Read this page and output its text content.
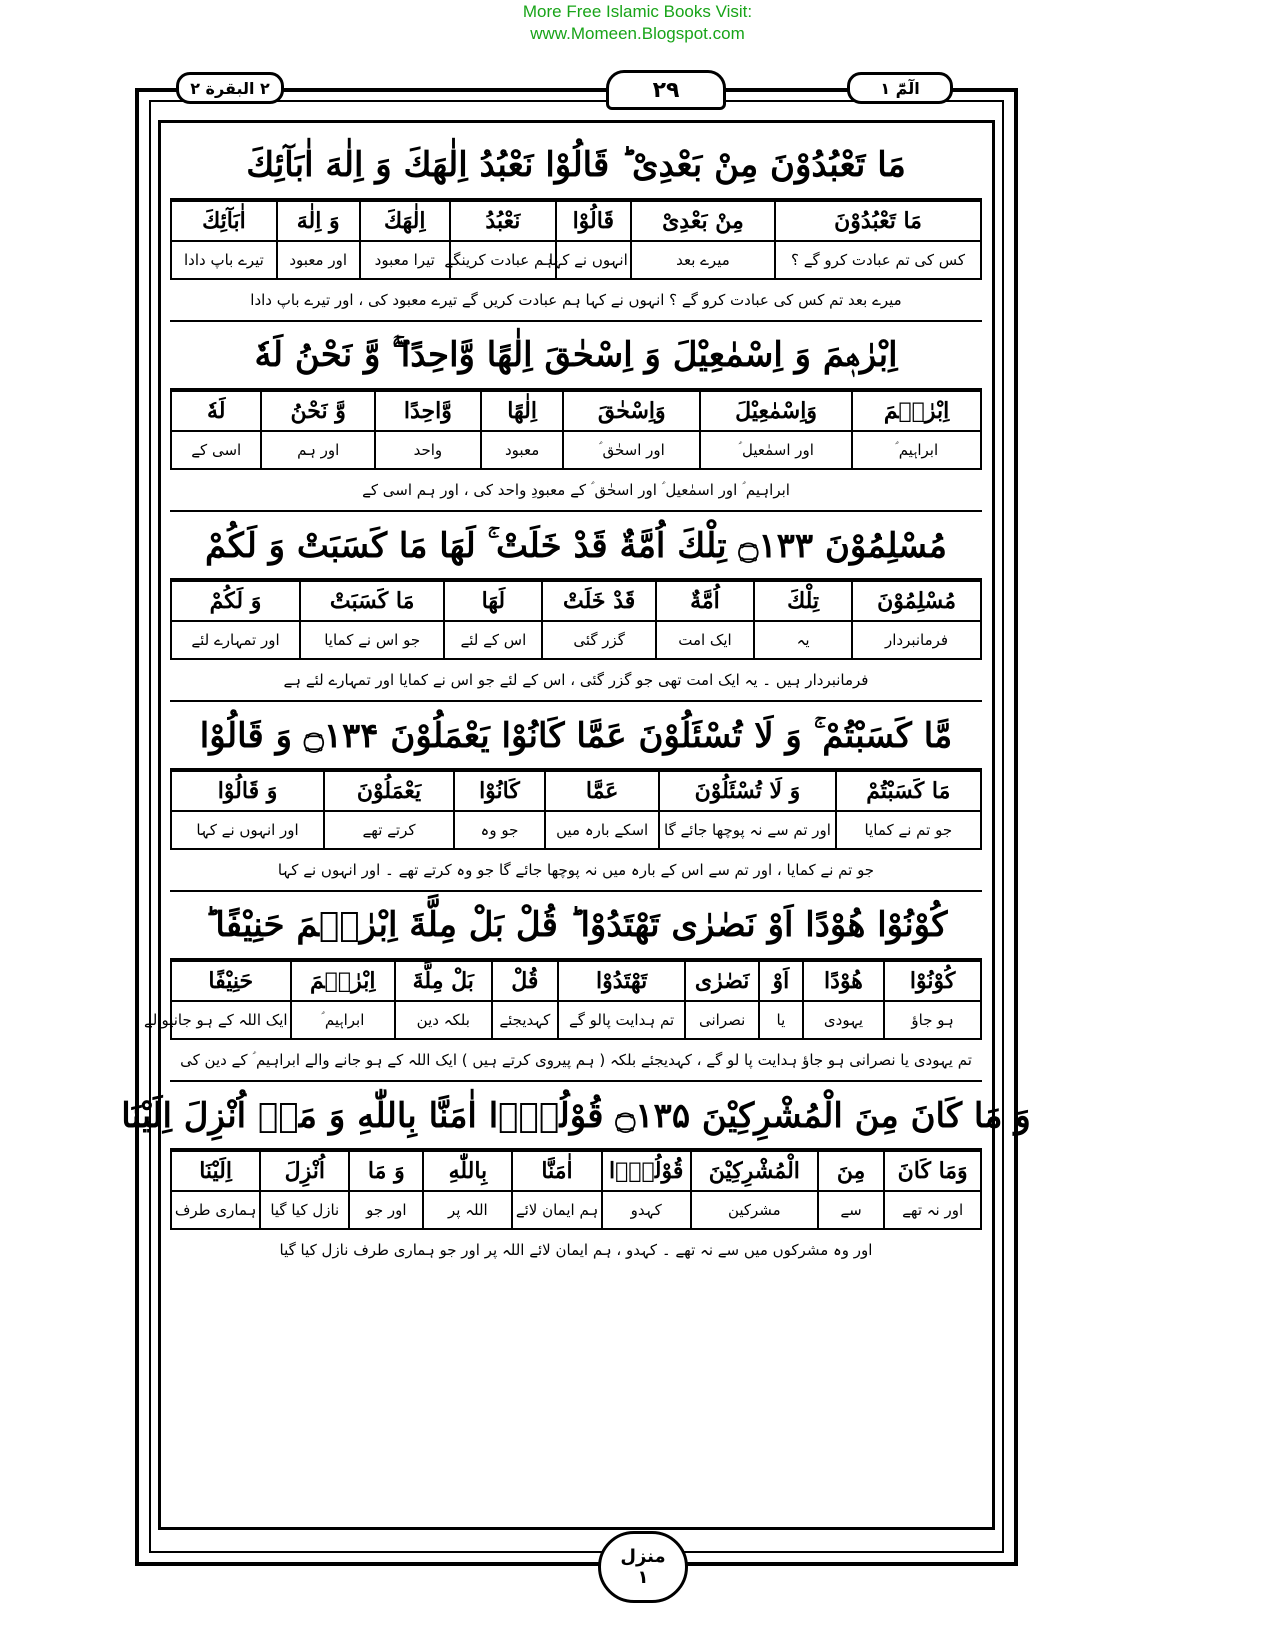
More Free Islamic Books Visit:
www.Momeen.Blogspot.com
۲ البقرة ۲	۲۹	الٓمّٓ ۱
مَا تَعْبُدُوْنَ مِنْ بَعْدِیْ ؕ قَالُوْا نَعْبُدُ اِلٰهَكَ وَ اِلٰهَ اٰبَآئِكَ
مَا تَعْبُدُوْنَ	مِنْ بَعْدِیْ	قَالُوْا	نَعْبُدُ	اِلٰهَكَ	وَ اِلٰهَ	اٰبَآئِكَ
کس کی تم عبادت کرو گے ؟	میرے بعد	انہوں نے کہا	ہم عبادت کرینگے	تیرا معبود	اور معبود	تیرے باپ دادا
میرے بعد تم کس کی عبادت کرو گے ؟ انہوں نے کہا ہم عبادت کریں گے تیرے معبود کی ، اور تیرے باپ دادا
اِبْرٰهٖمَ وَ اِسْمٰعِیْلَ وَ اِسْحٰقَ اِلٰهًا وَّاحِدًا ۖۚ وَّ نَحْنُ لَهٗ
اِبْرٰهٖمَ	وَاِسْمٰعِیْلَ	وَاِسْحٰقَ	اِلٰهًا	وَّاحِدًا	وَّ نَحْنُ	لَهٗ
ابراہیم ؑ	اور اسمٰعیل ؑ	اور اسحٰق ؑ	معبود	واحد	اور ہم	اسی کے
ابراہیم ؑ اور اسمٰعیل ؑ اور اسحٰق ؑ کے معبودِ واحد کی ، اور ہم اسی کے
مُسْلِمُوْنَ ۝۱۳۳ تِلْكَ اُمَّةٌ قَدْ خَلَتْ ۚ لَهَا مَا كَسَبَتْ وَ لَكُمْ
مُسْلِمُوْنَ	تِلْكَ	اُمَّةٌ	قَدْ خَلَتْ	لَهَا	مَا كَسَبَتْ	وَ لَكُمْ
فرمانبردار	یہ	ایک امت	گزر گئی	اس کے لئے	جو اس نے کمایا	اور تمہارے لئے
فرمانبردار ہیں ۔ یہ ایک امت تھی جو گزر گئی ، اس کے لئے جو اس نے کمایا اور تمہارے لئے ہے
مَّا كَسَبْتُمْ ۚ وَ لَا تُسْئَلُوْنَ عَمَّا كَانُوْا یَعْمَلُوْنَ ۝۱۳۴ وَ قَالُوْا
مَا كَسَبْتُمْ	وَ لَا تُسْئَلُوْنَ	عَمَّا	كَانُوْا	یَعْمَلُوْنَ	وَ قَالُوْا
جو تم نے کمایا	اور تم سے نہ پوچھا جائے گا	اسکے بارہ میں	جو وہ	کرتے تھے	اور انہوں نے کہا
جو تم نے کمایا ، اور تم سے اس کے بارہ میں نہ پوچھا جائے گا جو وہ کرتے تھے ۔ اور انہوں نے کہا
كُوْنُوْا هُوْدًا اَوْ نَصٰرٰى تَهْتَدُوْا ؕ قُلْ بَلْ مِلَّةَ اِبْرٰهٖمَ حَنِیْفًا ؕ
كُوْنُوْا	هُوْدًا	اَوْ	نَصٰرٰى	تَهْتَدُوْا	قُلْ	بَلْ مِلَّةَ	اِبْرٰهٖمَ	حَنِیْفًا
ہو جاؤ	یہودی	یا	نصرانی	تم ہدایت پالو گے	کہدیجئے	بلکہ دین	ابراہیم ؑ	ایک اللہ کے ہو جانیوالے
تم یہودی یا نصرانی ہو جاؤ ہدایت پا لو گے ، کہدیجئے بلکہ ( ہم پیروی کرتے ہیں ) ایک اللہ کے ہو جانے والے ابراہیم ؑ کے دین کی
وَ مَا كَانَ مِنَ الْمُشْرِكِیْنَ ۝۱۳۵ قُوْلُوْۤا اٰمَنَّا بِاللّٰهِ وَ مَاۤ اُنْزِلَ اِلَیْنَا
وَمَا كَانَ	مِنَ	الْمُشْرِكِیْنَ	قُوْلُوْۤا	اٰمَنَّا	بِاللّٰهِ	وَ مَا	اُنْزِلَ	اِلَیْنَا
اور نہ تھے	سے	مشرکین	کہدو	ہم ایمان لائے	اللہ پر	اور جو	نازل کیا گیا	ہماری طرف
اور وہ مشرکوں میں سے نہ تھے ۔ کہدو ، ہم ایمان لائے اللہ پر اور جو ہماری طرف نازل کیا گیا
منزل
۱
